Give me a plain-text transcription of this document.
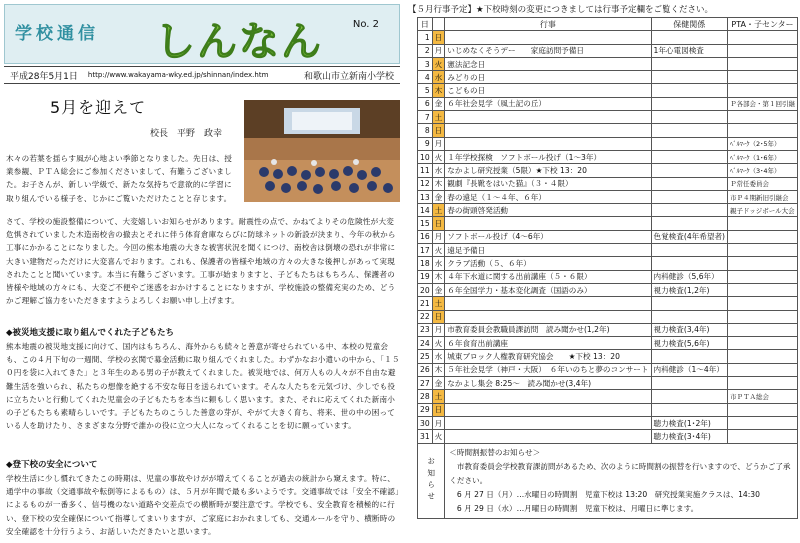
学校通信 しんなん	No. 2
平成28年5月1日 http://www.wakayama-wky.ed.jp/shinnan/index.htm	和歌山市立新南小学校
5月を迎えて
校長　平野　政幸
木々の若葉を揺らす風が心地よい季節となりました。先日は、授業参観、ＰＴＡ総会にご参加くださいまして、有難うございました。お子さんが、新しい学級で、新たな気持ちで意欲的に学習に取り組んでいる様子を、じかにご覧いただけたことと存じます。
さて、学校の施設整備について、大変嬉しいお知らせがあります。耐震性の点で、かねてよりその危険性が大変危惧されていました木造南校舎の撤去とそれに伴う体育倉庫ならびに防球ネットの新設が決まり、今年の秋から工事にかかることになりました。今回の熊本地震の大きな被害状況を聞くにつけ、南校舎は倒壊の恐れが非常に大きい建物だっただけに大変喜んでおります。これも、保護者の皆様や地域の方々の大きな後押しがあって実現されたことと聞いています。本当に有難うございます。工事が始まりますと、子どもたちはもちろん、保護者の皆様や地域の方々にも、大変ご不便やご迷惑をおかけすることになりますが、学校施設の整備充実のため、どうかご理解ご協力をいただきますようよろしくお願い申し上げます。
◆被災地支援に取り組んでくれた子どもたち
熊本地震の被災地支援に向けて、国内はもちろん、海外からも続々と善意が寄せられている中、本校の児童会も、この４月下旬の一週間、学校の玄関で募金活動に取り組んでくれました。わずかなお小遣いの中から、「１５０円を袋に入れてきた」と３年生のある男の子が教えてくれました。被災地では、何万人もの人々が不自由な避難生活を強いられ、私たちの想像を絶する不安な毎日を送られています。そんな人たちを元気づけ、少しでも役に立ちたいと行動してくれた児童会の子どもたちを本当に頼もしく思います。また、それに応えてくれた新南小の子どもたちも素晴らしいです。子どもたちのこうした善意の芽が、やがて大きく育ち、将来、世の中の困っている人を助けたり、さまざまな分野で誰かの役に立つ大人になってくれることを切に願っています。
◆登下校の安全について
学校生活に少し慣れてきたこの時期は、児童の事故やけがが増えてくることが過去の統計から窺えます。特に、通学中の事故（交通事故や転倒等によるもの）は、５月が年間で最も多いようです。交通事故では「安全不確認」によるものが一番多く、信号機のない道路や交差点での横断時が要注意です。学校でも、安全教育を積極的に行い、登下校の安全確保について指導してまいりますが、ご家庭におかれましても、交通ルールを守り、横断時の安全確認を十分行うよう、お話しいただきたいと思います。
【５月行事予定】★下校時刻の変更につきましては行事予定欄をご覧ください。
日		行事	保健関係	PTA・子センター
1	日			
2	月	いじめなくそうデー　　家庭訪問予備日	1年心電図検査	
3	火	憲法記念日		
4	水	みどりの日		
5	木	こどもの日		
6	金	６年社会見学（風土記の丘）		Ｐ各部会・第１回引継
7	土			
8	日			
9	月			ﾍﾞﾙﾏｰｸ（2･5年）
10	火	１年学校探検　ソフトボール投げ（1～3年）		ﾍﾞﾙﾏｰｸ（1･6年）
11	水	なかよし研究授業（5限）★下校 13：20		ﾍﾞﾙﾏｰｸ（3･4年）
12	木	観劇『長靴をはいた猫』（３・４限）		Ｐ常任委員会
13	金	春の遠足（１～４年、６年）		市Ｐ４期新旧引継会
14	土	春の街頭啓発活動		親子ドッジボール大会
15	日			
16	月	ソフトボール投げ（4～6年）	色覚検査(4年希望者)	
17	火	遠足予備日		
18	水	クラブ活動（５、６年）		
19	木	４年下水道に関する出前講座（５・６限）	内科健診（5,6年）	
20	金	６年全国学力・基本変化調査（国語のみ）	視力検査(1,2年)	
21	土			
22	日			
23	月	市教育委員会教職員課訪問　読み聞かせ(1,2年)	視力検査(3,4年)	
24	火	６年食育出前講座	視力検査(5,6年)	
25	水	城東ブロック人権教育研究協会　　★下校 13：20		
26	木	５年社会見学（神戸・大阪）　６年いのちと夢のコンサート	内科健診（1～4年）	
27	金	なかよし集会 8:25～　読み聞かせ(3,4年)		
28	土			市ＰＴＡ総会
29	日			
30	月		聴力検査(1･2年)	
31	火		聴力検査(3･4年)	

お知らせ		＜時間割振替のお知らせ＞
　市教育委員会学校教育課訪問があるため、次のように時間割の振替を行いますので、どうかご了承ください。
　6 月 27 日（月）…水曜日の時間割　児童下校は 13:20　研究授業実施クラスは、14:30
　6 月 29 日（水）…月曜日の時間割　児童下校は、月曜日に準じます。		
